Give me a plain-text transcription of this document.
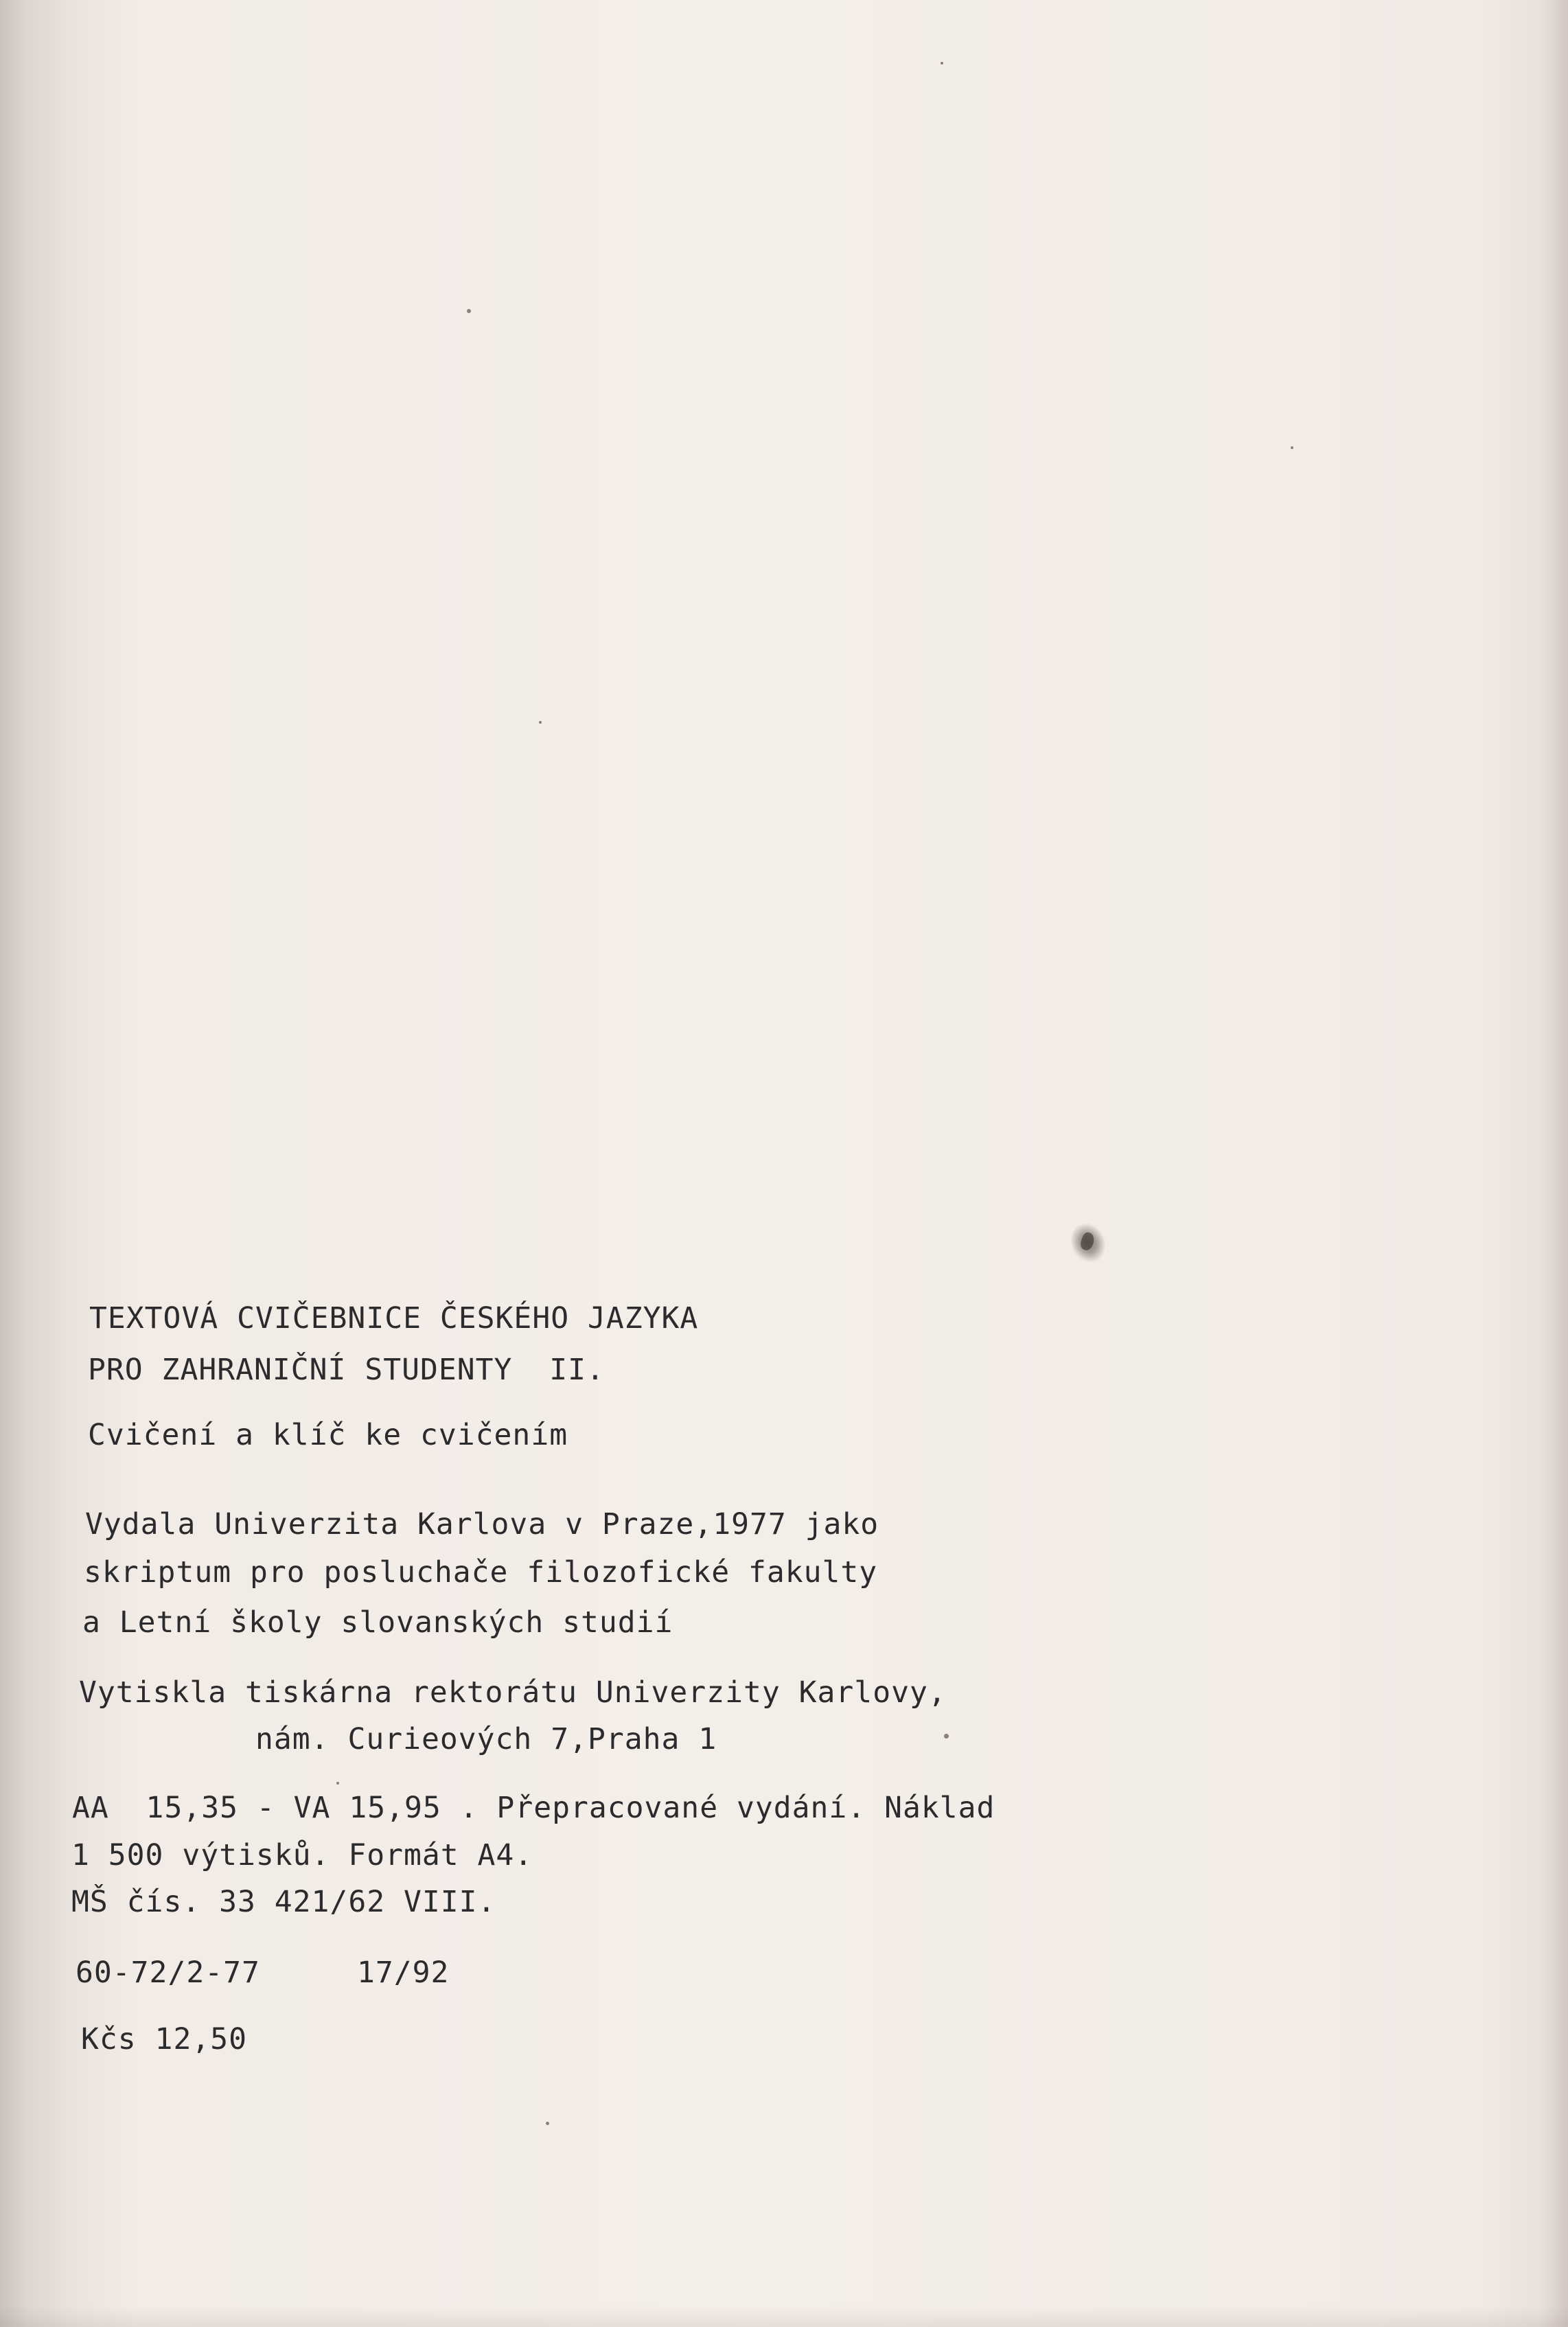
TEXTOVÁ CVIČEBNICE ČESKÉHO JAZYKA
PRO ZAHRANIČNÍ STUDENTY  II.
Cvičení a klíč ke cvičením
Vydala Univerzita Karlova v Praze,1977 jako
skriptum pro posluchače filozofické fakulty
a Letní školy slovanských studií
Vytiskla tiskárna rektorátu Univerzity Karlovy,
nám. Curieových 7,Praha 1
AA  15,35 - VA 15,95 . Přepracované vydání. Náklad
1 500 výtisků. Formát A4.
MŠ čís. 33 421/62 VIII.
60-72/2-77	17/92
Kčs 12,50
